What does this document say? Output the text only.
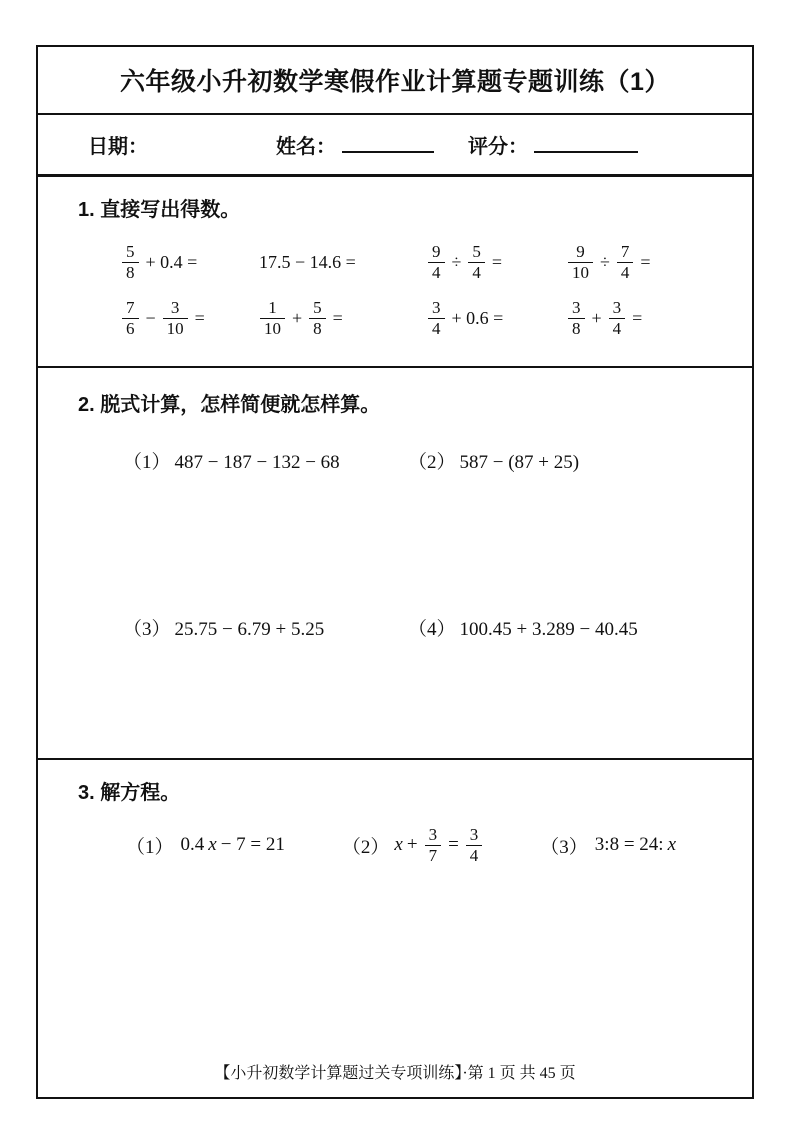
六年级小升初数学寒假作业计算题专题训练（1）
日期：	姓名：	评分：
1. 直接写出得数。
$\frac{5}{8} + 0.4$ =	17.5 − 14.6 =	$\frac{9}{4} \div \frac{5}{4}$ =	$\frac{9}{10} \div \frac{7}{4}$ =
$\frac{7}{6} - \frac{3}{10}$ =	$\frac{1}{10} + \frac{5}{8}$ =	$\frac{3}{4} + 0.6$ =	$\frac{3}{8} + \frac{3}{4}$ =
2. 脱式计算，怎样简便就怎样算。
（1） 487 − 187 − 132 − 68	（2） 587 − (87 + 25)
（3） 25.75 − 6.79 + 5.25	（4） 100.45 + 3.289 − 40.45
3. 解方程。
（1） 0.4 x − 7 = 21	（2） $x + \frac{3}{7} = \frac{3}{4}$	（3） 3:8 = 24: x
【小升初数学计算题过关专项训练】·第 1 页 共 45 页
